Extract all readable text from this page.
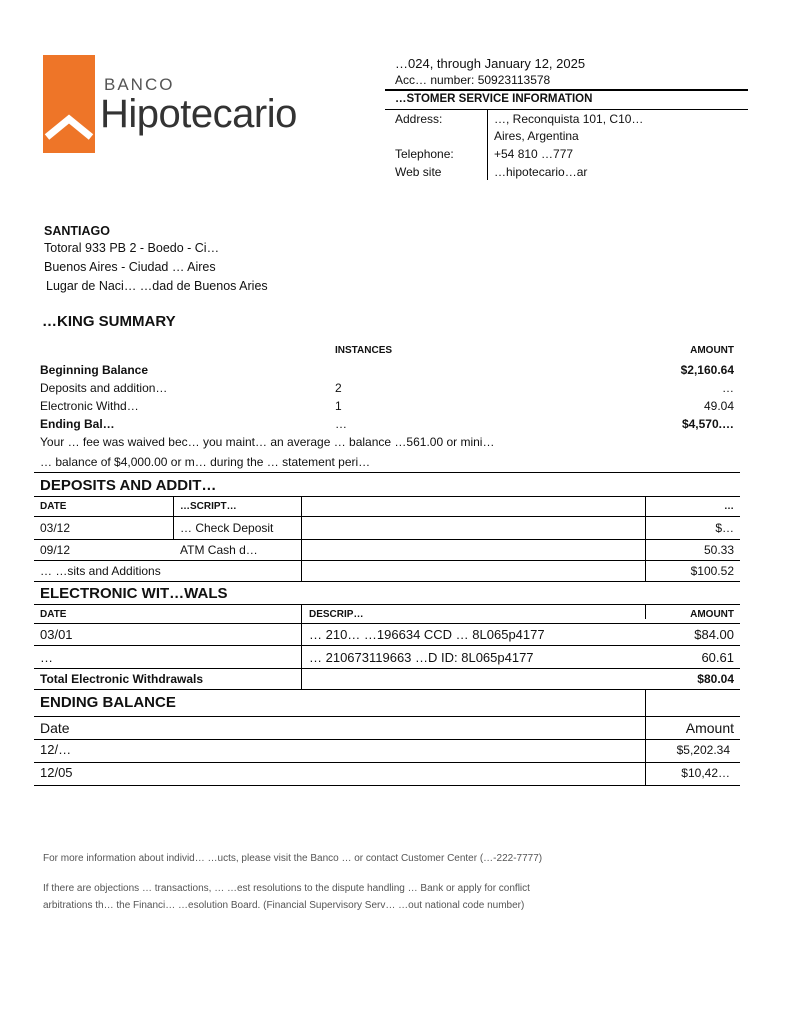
BANCO
Hipotecario
…024, through January 12, 2025
Acc… number: 50923113578
…STOMER SERVICE INFORMATION
Address:	…, Reconquista 101, C10…
Aires, Argentina
Telephone:	+54 810 …777
Web site	…hipotecario…ar
SANTIAGO
Totoral 933 PB 2 - Boedo - Ci…
Buenos Aires - Ciudad … Aires
Lugar de Naci… …dad de Buenos Aries
…KING SUMMARY
INSTANCES	AMOUNT
Beginning Balance	$2,160.64
Deposits and addition…	2	…
Electronic Withd…	1	49.04
Ending Bal…	…	$4,570.…
Your … fee was waived bec… you maint… an average … balance …561.00 or mini…
… balance of $4,000.00 or m… during the … statement peri…
DEPOSITS AND ADDIT…
DATE	…SCRIPT…	…
03/12	… Check Deposit	$…
09/12	ATM Cash d…	50.33
… …sits and Additions	$100.52
ELECTRONIC WIT…WALS
DATE	DESCRIP…	AMOUNT
03/01	… 210… …196634 CCD … 8L065p4177	$84.00
…	… 210673119663 …D ID: 8L065p4177	60.61
Total Electronic Withdrawals	$80.04
ENDING BALANCE
Date	Amount
12/…	$5,202.34
12/05	$10,42…
For more information about individ… …ucts, please visit the Banco … or contact Customer Center (…-222-7777)
If there are objections … transactions, … …est resolutions to the dispute handling … Bank or apply for conflict
arbitrations th… the Financi… …esolution Board. (Financial Supervisory Serv… …out national code number)
